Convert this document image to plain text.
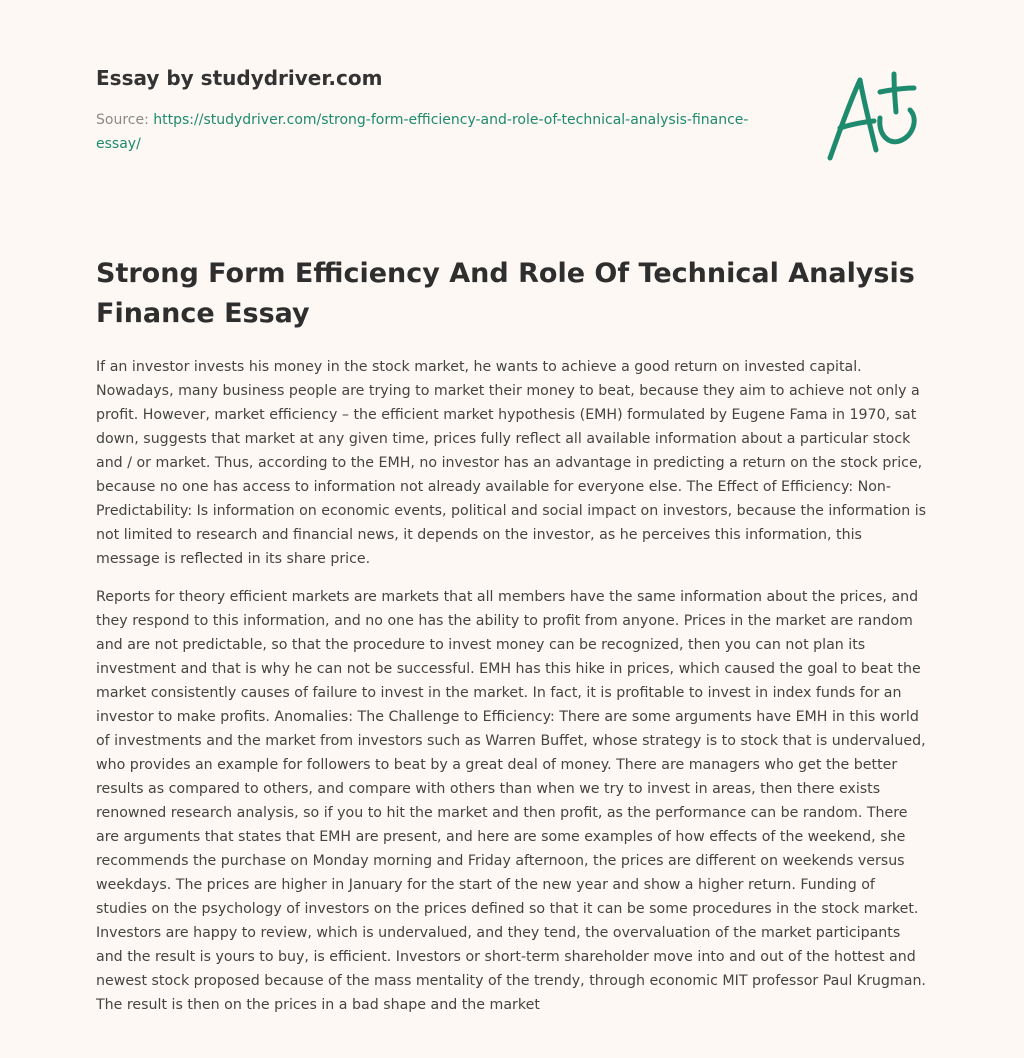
Essay by studydriver.com

Source: https://studydriver.com/strong-form-efficiency-and-role-of-technical-analysis-finance-essay/
Strong Form Efficiency And Role Of Technical Analysis Finance Essay

If an investor invests his money in the stock market, he wants to achieve a good return on invested capital. Nowadays, many business people are trying to market their money to beat, because they aim to achieve not only a profit. However, market efficiency – the efficient market hypothesis (EMH) formulated by Eugene Fama in 1970, sat down, suggests that market at any given time, prices fully reflect all available information about a particular stock and / or market. Thus, according to the EMH, no investor has an advantage in predicting a return on the stock price, because no one has access to information not already available for everyone else. The Effect of Efficiency: Non-Predictability: Is information on economic events, political and social impact on investors, because the information is not limited to research and financial news, it depends on the investor, as he perceives this information, this message is reflected in its share price.

Reports for theory efficient markets are markets that all members have the same information about the prices, and they respond to this information, and no one has the ability to profit from anyone. Prices in the market are random and are not predictable, so that the procedure to invest money can be recognized, then you can not plan its investment and that is why he can not be successful. EMH has this hike in prices, which caused the goal to beat the market consistently causes of failure to invest in the market. In fact, it is profitable to invest in index funds for an investor to make profits. Anomalies: The Challenge to Efficiency: There are some arguments have EMH in this world of investments and the market from investors such as Warren Buffet, whose strategy is to stock that is undervalued, who provides an example for followers to beat by a great deal of money. There are managers who get the better results as compared to others, and compare with others than when we try to invest in areas, then there exists renowned research analysis, so if you to hit the market and then profit, as the performance can be random. There are arguments that states that EMH are present, and here are some examples of how effects of the weekend, she recommends the purchase on Monday morning and Friday afternoon, the prices are different on weekends versus weekdays. The prices are higher in January for the start of the new year and show a higher return. Funding of studies on the psychology of investors on the prices defined so that it can be some procedures in the stock market. Investors are happy to review, which is undervalued, and they tend, the overvaluation of the market participants and the result is yours to buy, is efficient. Investors or short-term shareholder move into and out of the hottest and newest stock proposed because of the mass mentality of the trendy, through economic MIT professor Paul Krugman. The result is then on the prices in a bad shape and the market
